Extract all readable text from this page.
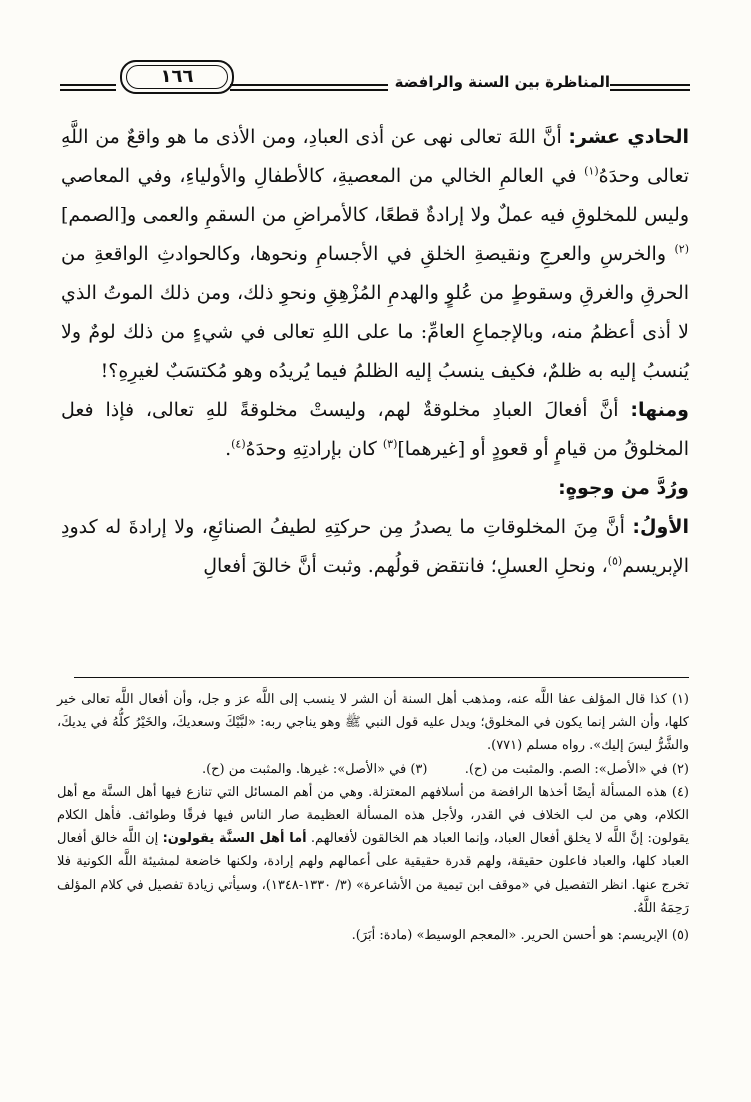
المناظرة بين السنة والرافضة
١٦٦

الحادي عشر: أنَّ اللهَ تعالى نهى عن أذى العبادِ، ومن الأذى ما هو واقعٌ من اللَّهِ تعالى وحدَهُ$^{(١)}$ في العالمِ الخالي من المعصيةِ، كالأطفالِ والأولياءِ، وفي المعاصي وليس للمخلوقِ فيه عملٌ ولا إرادةٌ قطعًا، كالأمراضِ من السقمِ والعمى و[الصمم]$^{(٢)}$ والخرسِ والعرجِ ونقيصةِ الخلقِ في الأجسامِ ونحوها، وكالحوادثِ الواقعةِ من الحرقِ والغرقِ وسقوطٍ من عُلوٍ والهدمِ المُزْهِقِ ونحوِ ذلك، ومن ذلك الموتُ الذي لا أذى أعظمُ منه، وبالإجماعِ العامِّ: ما على اللهِ تعالى في شيءٍ من ذلك لومٌ ولا يُنسبُ إليه به ظلمٌ، فكيف ينسبُ إليه الظلمُ فيما يُريدُه وهو مُكتسَبٌ لغيرِهِ؟!

ومنها: أنَّ أفعالَ العبادِ مخلوقةٌ لهم، وليستْ مخلوقةً للهِ تعالى، فإذا فعل المخلوقُ من قيامٍ أو قعودٍ أو [غيرهما]$^{(٣)}$ كان بإرادتِهِ وحدَهُ$^{(٤)}$.

ورُدَّ من وجوهٍ:

الأولُ: أنَّ مِنَ المخلوقاتِ ما يصدرُ مِن حركتِهِ لطيفُ الصنائعِ، ولا إرادةَ له كدودِ الإبريسم$^{(٥)}$، ونحلِ العسلِ؛ فانتقض قولُهم. وثبت أنَّ خالقَ أفعالِ

(١) كذا قال المؤلف عفا اللَّه عنه، ومذهب أهل السنة أن الشر لا ينسب إلى اللَّه عز و جل، وأن أفعال اللَّه تعالى خير كلها، وأن الشر إنما يكون في المخلوق؛ ويدل عليه قول النبي ﷺ وهو يناجي ربه: «لبَّيْكَ وسعديكَ، والخَيْرُ كلُّهُ في يديكَ، والشَّرُّ ليسَ إليك». رواه مسلم (٧٧١).

(٢) في «الأصل»: الصم. والمثبت من (ح).         (٣) في «الأصل»: غيرها. والمثبت من (ح).

(٤) هذه المسألة أيضًا أخذها الرافضة من أسلافهم المعتزلة. وهي من أهم المسائل التي تنازع فيها أهل السنَّة مع أهل الكلام، وهي من لب الخلاف في القدر، ولأجل هذه المسألة العظيمة صار الناس فيها فرقًا وطوائف. فأهل الكلام يقولون: إنَّ اللَّه لا يخلق أفعال العباد، وإنما العباد هم الخالقون لأفعالهم. أما أهل السنَّة يقولون: إن اللَّه خالق أفعال العباد كلها، والعباد فاعلون حقيقة، ولهم قدرة حقيقية على أعمالهم ولهم إرادة، ولكنها خاضعة لمشيئة اللَّه الكونية فلا تخرج عنها. انظر التفصيل في «موقف ابن تيمية من الأشاعرة» (٣/ ١٣٣٠-١٣٤٨)، وسيأتي زيادة تفصيل في كلام المؤلف رَحِمَهُ اللَّهُ.

(٥) الإبريسم: هو أحسن الحرير. «المعجم الوسيط» (مادة: أبَرَ).
